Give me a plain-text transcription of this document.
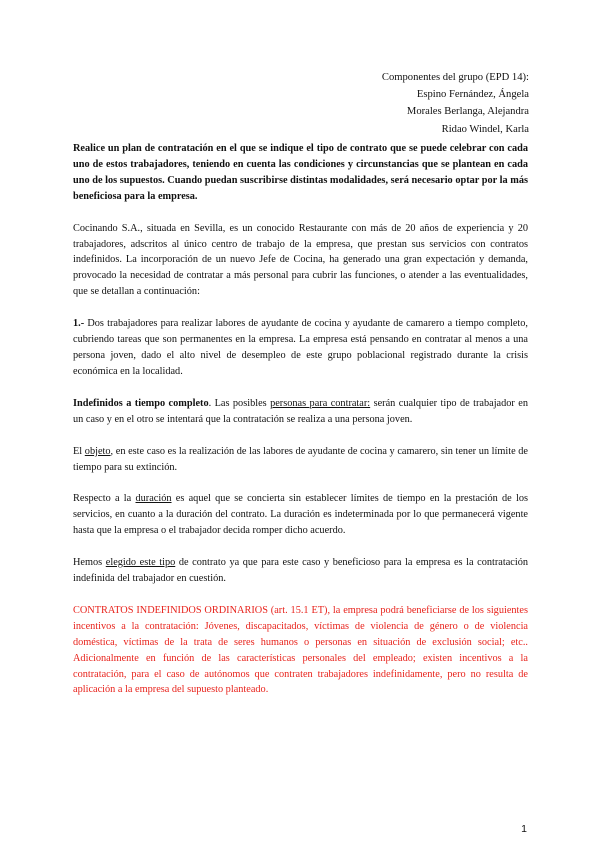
Componentes del grupo (EPD 14):
Espino Fernández, Ángela
Morales Berlanga, Alejandra
Ridao Windel, Karla

Realice un plan de contratación en el que se indique el tipo de contrato que se puede celebrar con cada uno de estos trabajadores, teniendo en cuenta las condiciones y circunstancias que se plantean en cada uno de los supuestos. Cuando puedan suscribirse distintas modalidades, será necesario optar por la más beneficiosa para la empresa.

Cocinando S.A., situada en Sevilla, es un conocido Restaurante con más de 20 años de experiencia y 20 trabajadores, adscritos al único centro de trabajo de la empresa, que prestan sus servicios con contratos indefinidos. La incorporación de un nuevo Jefe de Cocina, ha generado una gran expectación y demanda, provocado la necesidad de contratar a más personal para cubrir las funciones, o atender a las eventualidades, que se detallan a continuación:

1.- Dos trabajadores para realizar labores de ayudante de cocina y ayudante de camarero a tiempo completo, cubriendo tareas que son permanentes en la empresa. La empresa está pensando en contratar al menos a una persona joven, dado el alto nivel de desempleo de este grupo poblacional registrado durante la crisis económica en la localidad.

Indefinidos a tiempo completo. Las posibles personas para contratar: serán cualquier tipo de trabajador en un caso y en el otro se intentará que la contratación se realiza a una persona joven.

El objeto, en este caso es la realización de las labores de ayudante de cocina y camarero, sin tener un límite de tiempo para su extinción.

Respecto a la duración es aquel que se concierta sin establecer límites de tiempo en la prestación de los servicios, en cuanto a la duración del contrato. La duración es indeterminada por lo que permanecerá vigente hasta que la empresa o el trabajador decida romper dicho acuerdo.

Hemos elegido este tipo de contrato ya que para este caso y beneficioso para la empresa es la contratación indefinida del trabajador en cuestión.

CONTRATOS INDEFINIDOS ORDINARIOS (art. 15.1 ET), la empresa podrá beneficiarse de los siguientes incentivos a la contratación: Jóvenes, discapacitados, víctimas de violencia de género o de violencia doméstica, víctimas de la trata de seres humanos o personas en situación de exclusión social; etc.. Adicionalmente en función de las características personales del empleado; existen incentivos a la contratación, para el caso de autónomos que contraten trabajadores indefinidamente, pero no resulta de aplicación a la empresa del supuesto planteado.

1
